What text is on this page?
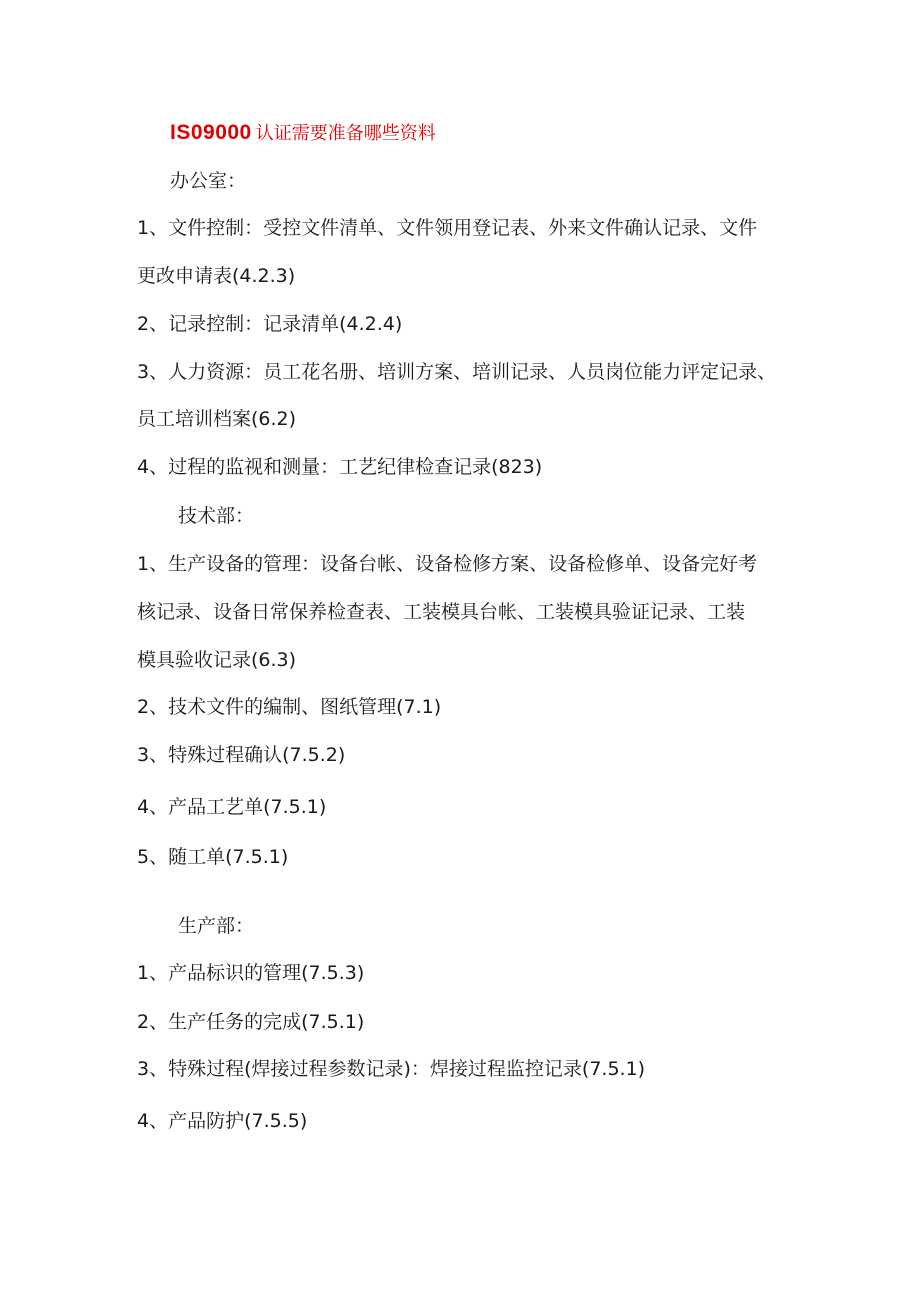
IS09000 认证需要准备哪些资料
办公室：
1、文件控制：受控文件清单、文件领用登记表、外来文件确认记录、文件
更改申请表(4.2.3)
2、记录控制：记录清单(4.2.4)
3、人力资源：员工花名册、培训方案、培训记录、人员岗位能力评定记录、
员工培训档案(6.2)
4、过程的监视和测量：工艺纪律检查记录(823)
技术部：
1、生产设备的管理：设备台帐、设备检修方案、设备检修单、设备完好考
核记录、设备日常保养检查表、工装模具台帐、工装模具验证记录、工装
模具验收记录(6.3)
2、技术文件的编制、图纸管理(7.1)
3、特殊过程确认(7.5.2)
4、产品工艺单(7.5.1)
5、随工单(7.5.1)
生产部：
1、产品标识的管理(7.5.3)
2、生产任务的完成(7.5.1)
3、特殊过程(焊接过程参数记录)：焊接过程监控记录(7.5.1)
4、产品防护(7.5.5)
